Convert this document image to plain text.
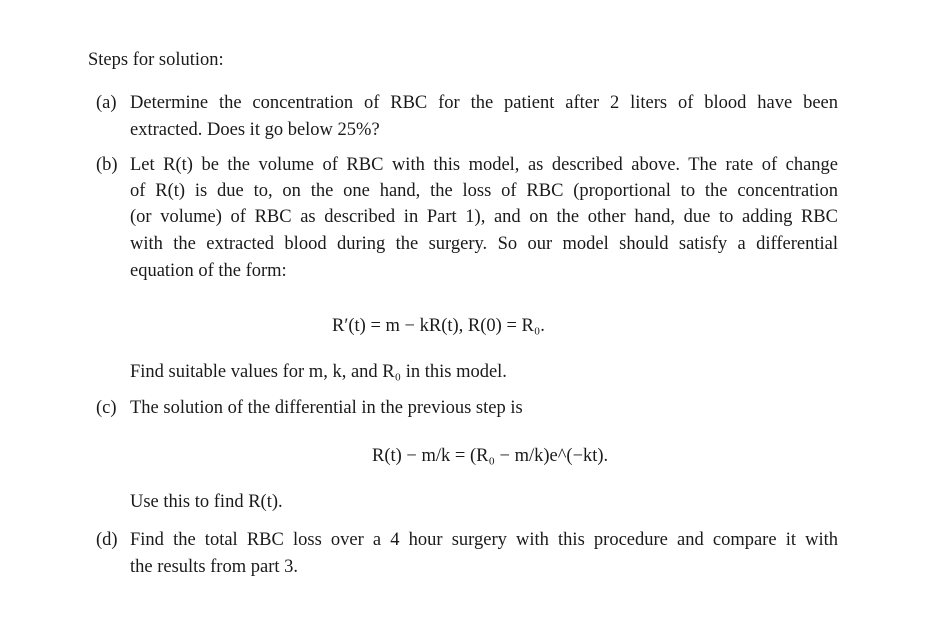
Steps for solution:
(a) Determine the concentration of RBC for the patient after 2 liters of blood have been
extracted. Does it go below 25%?
(b) Let R(t) be the volume of RBC with this model, as described above. The rate of change
of R(t) is due to, on the one hand, the loss of RBC (proportional to the concentration
(or volume) of RBC as described in Part 1), and on the other hand, due to adding RBC
with the extracted blood during the surgery. So our model should satisfy a differential
equation of the form:
R′(t) = m − kR(t), R(0) = R₀.
Find suitable values for m, k, and R₀ in this model.
(c) The solution of the differential in the previous step is
R(t) − m/k = (R₀ − m/k)e^(−kt).
Use this to find R(t).
(d) Find the total RBC loss over a 4 hour surgery with this procedure and compare it with
the results from part 3.
